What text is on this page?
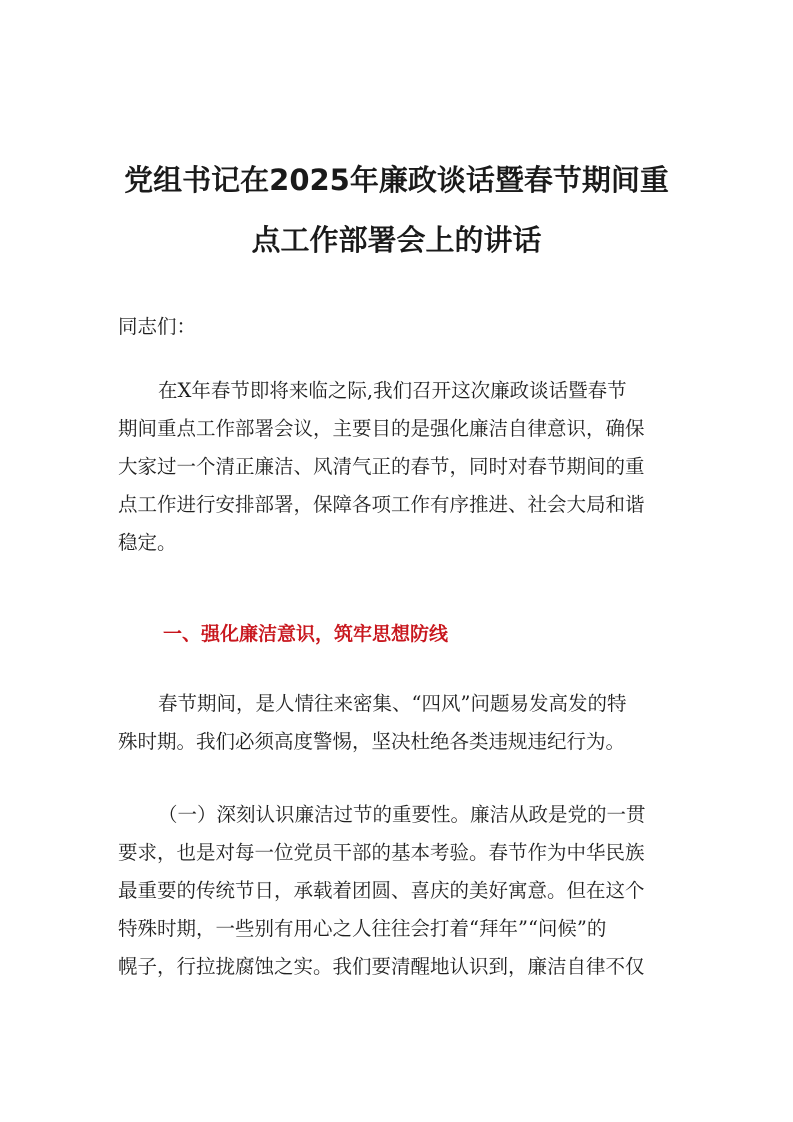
党组书记在2025年廉政谈话暨春节期间重
点工作部署会上的讲话
同志们：

在X年春节即将来临之际,我们召开这次廉政谈话暨春节

期间重点工作部署会议，主要目的是强化廉洁自律意识，确保

大家过一个清正廉洁、风清气正的春节，同时对春节期间的重

点工作进行安排部署，保障各项工作有序推进、社会大局和谐

稳定。

一、强化廉洁意识，筑牢思想防线

春节期间，是人情往来密集、“四风”问题易发高发的特

殊时期。我们必须高度警惕，坚决杜绝各类违规违纪行为。

（一）深刻认识廉洁过节的重要性。廉洁从政是党的一贯

要求，也是对每一位党员干部的基本考验。春节作为中华民族

最重要的传统节日，承载着团圆、喜庆的美好寓意。但在这个

特殊时期，一些别有用心之人往往会打着“拜年”“问候”的

幌子，行拉拢腐蚀之实。我们要清醒地认识到，廉洁自律不仅
